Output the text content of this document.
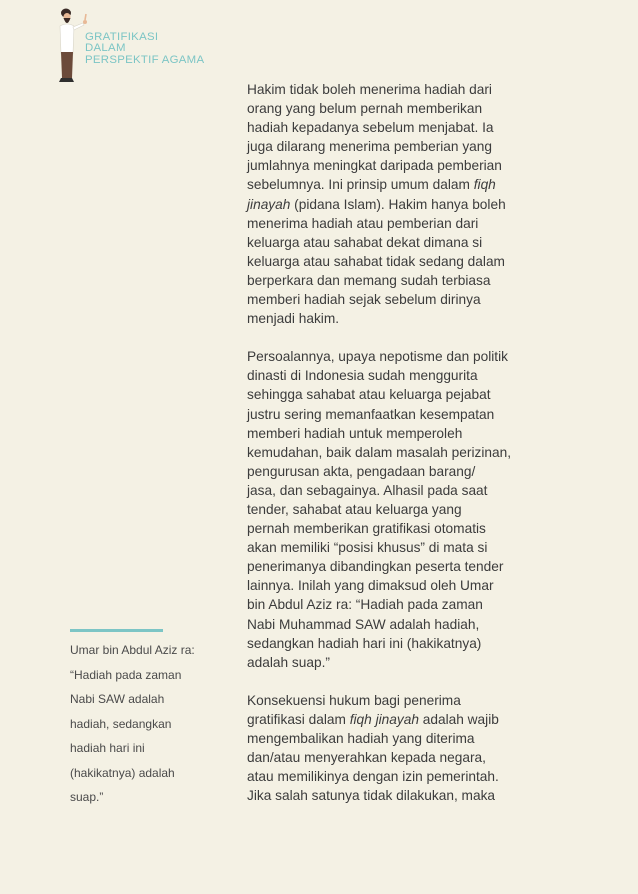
GRATIFIKASI
DALAM
PERSPEKTIF AGAMA
Hakim tidak boleh menerima hadiah dari
orang yang belum pernah memberikan
hadiah kepadanya sebelum menjabat. Ia
juga dilarang menerima pemberian yang
jumlahnya meningkat daripada pemberian
sebelumnya. Ini prinsip umum dalam fiqh
jinayah (pidana Islam). Hakim hanya boleh
menerima hadiah atau pemberian dari
keluarga atau sahabat dekat dimana si
keluarga atau sahabat tidak sedang dalam
berperkara dan memang sudah terbiasa
memberi hadiah sejak sebelum dirinya
menjadi hakim.
Persoalannya, upaya nepotisme dan politik
dinasti di Indonesia sudah menggurita
sehingga sahabat atau keluarga pejabat
justru sering memanfaatkan kesempatan
memberi hadiah untuk memperoleh
kemudahan, baik dalam masalah perizinan,
pengurusan akta, pengadaan barang/
jasa, dan sebagainya. Alhasil pada saat
tender, sahabat atau keluarga yang
pernah memberikan gratifikasi otomatis
akan memiliki “posisi khusus” di mata si
penerimanya dibandingkan peserta tender
lainnya. Inilah yang dimaksud oleh Umar
bin Abdul Aziz ra: “Hadiah pada zaman
Nabi Muhammad SAW adalah hadiah,
sedangkan hadiah hari ini (hakikatnya)
adalah suap.”
Konsekuensi hukum bagi penerima
gratifikasi dalam fiqh jinayah adalah wajib
mengembalikan hadiah yang diterima
dan/atau menyerahkan kepada negara,
atau memilikinya dengan izin pemerintah.
Jika salah satunya tidak dilakukan, maka
Umar bin Abdul Aziz ra:
“Hadiah pada zaman
Nabi SAW adalah
hadiah, sedangkan
hadiah hari ini
(hakikatnya) adalah
suap.”
